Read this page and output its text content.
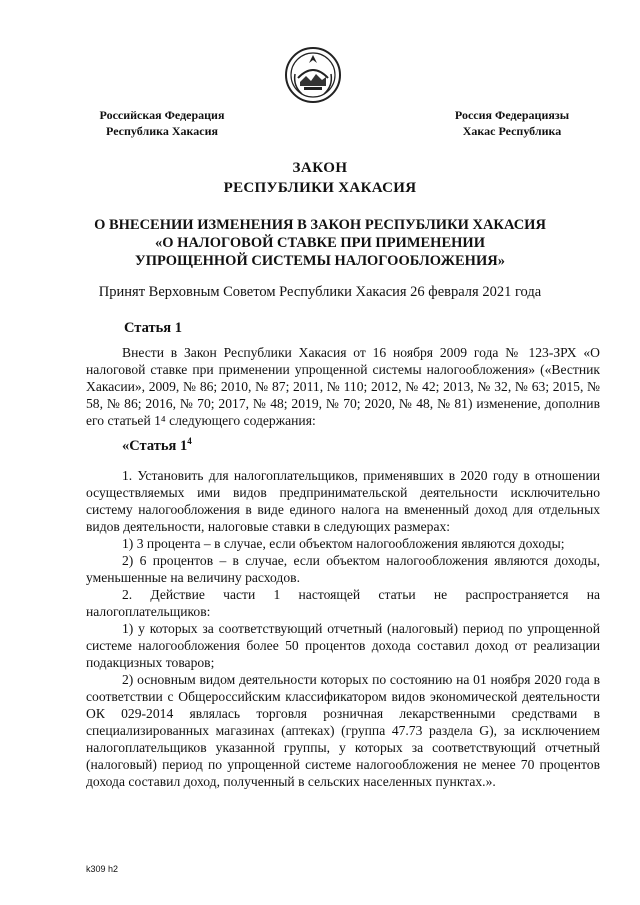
Российская Федерация
Республика Хакасия
Россия Федерациязы
Хакас Республика
ЗАКОН
РЕСПУБЛИКИ ХАКАСИЯ
О ВНЕСЕНИИ ИЗМЕНЕНИЯ В ЗАКОН РЕСПУБЛИКИ ХАКАСИЯ
«О НАЛОГОВОЙ СТАВКЕ ПРИ ПРИМЕНЕНИИ
УПРОЩЕННОЙ СИСТЕМЫ НАЛОГООБЛОЖЕНИЯ»
Принят Верховным Советом Республики Хакасия 26 февраля 2021 года
Статья 1

Внести в Закон Республики Хакасия от 16 ноября 2009 года № 123-ЗРХ «О налоговой ставке при применении упрощенной системы налогообложения» («Вестник Хакасии», 2009, № 86; 2010, № 87; 2011, № 110; 2012, № 42; 2013, № 32, № 63; 2015, № 58, № 86; 2016, № 70; 2017, № 48; 2019, № 70; 2020, № 48, № 81) изменение, дополнив его статьей 1⁴ следующего содержания:

«Статья $1^4$

1. Установить для налогоплательщиков, применявших в 2020 году в отношении осуществляемых ими видов предпринимательской деятельности исключительно систему налогообложения в виде единого налога на вмененный доход для отдельных видов деятельности, налоговые ставки в следующих размерах:

1) 3 процента – в случае, если объектом налогообложения являются доходы;

2) 6 процентов – в случае, если объектом налогообложения являются доходы, уменьшенные на величину расходов.

2. Действие части 1 настоящей статьи не распространяется на налогоплательщиков:

1) у которых за соответствующий отчетный (налоговый) период по упрощенной системе налогообложения более 50 процентов дохода составил доход от реализации подакцизных товаров;

2) основным видом деятельности которых по состоянию на 01 ноября 2020 года в соответствии с Общероссийским классификатором видов экономической деятельности ОК 029-2014 являлась торговля розничная лекарственными средствами в специализированных магазинах (аптеках) (группа 47.73 раздела G), за исключением налогоплательщиков указанной группы, у которых за соответствующий отчетный (налоговый) период по упрощенной системе налогообложения не менее 70 процентов дохода составил доход, полученный в сельских населенных пунктах.».

k309 h2
